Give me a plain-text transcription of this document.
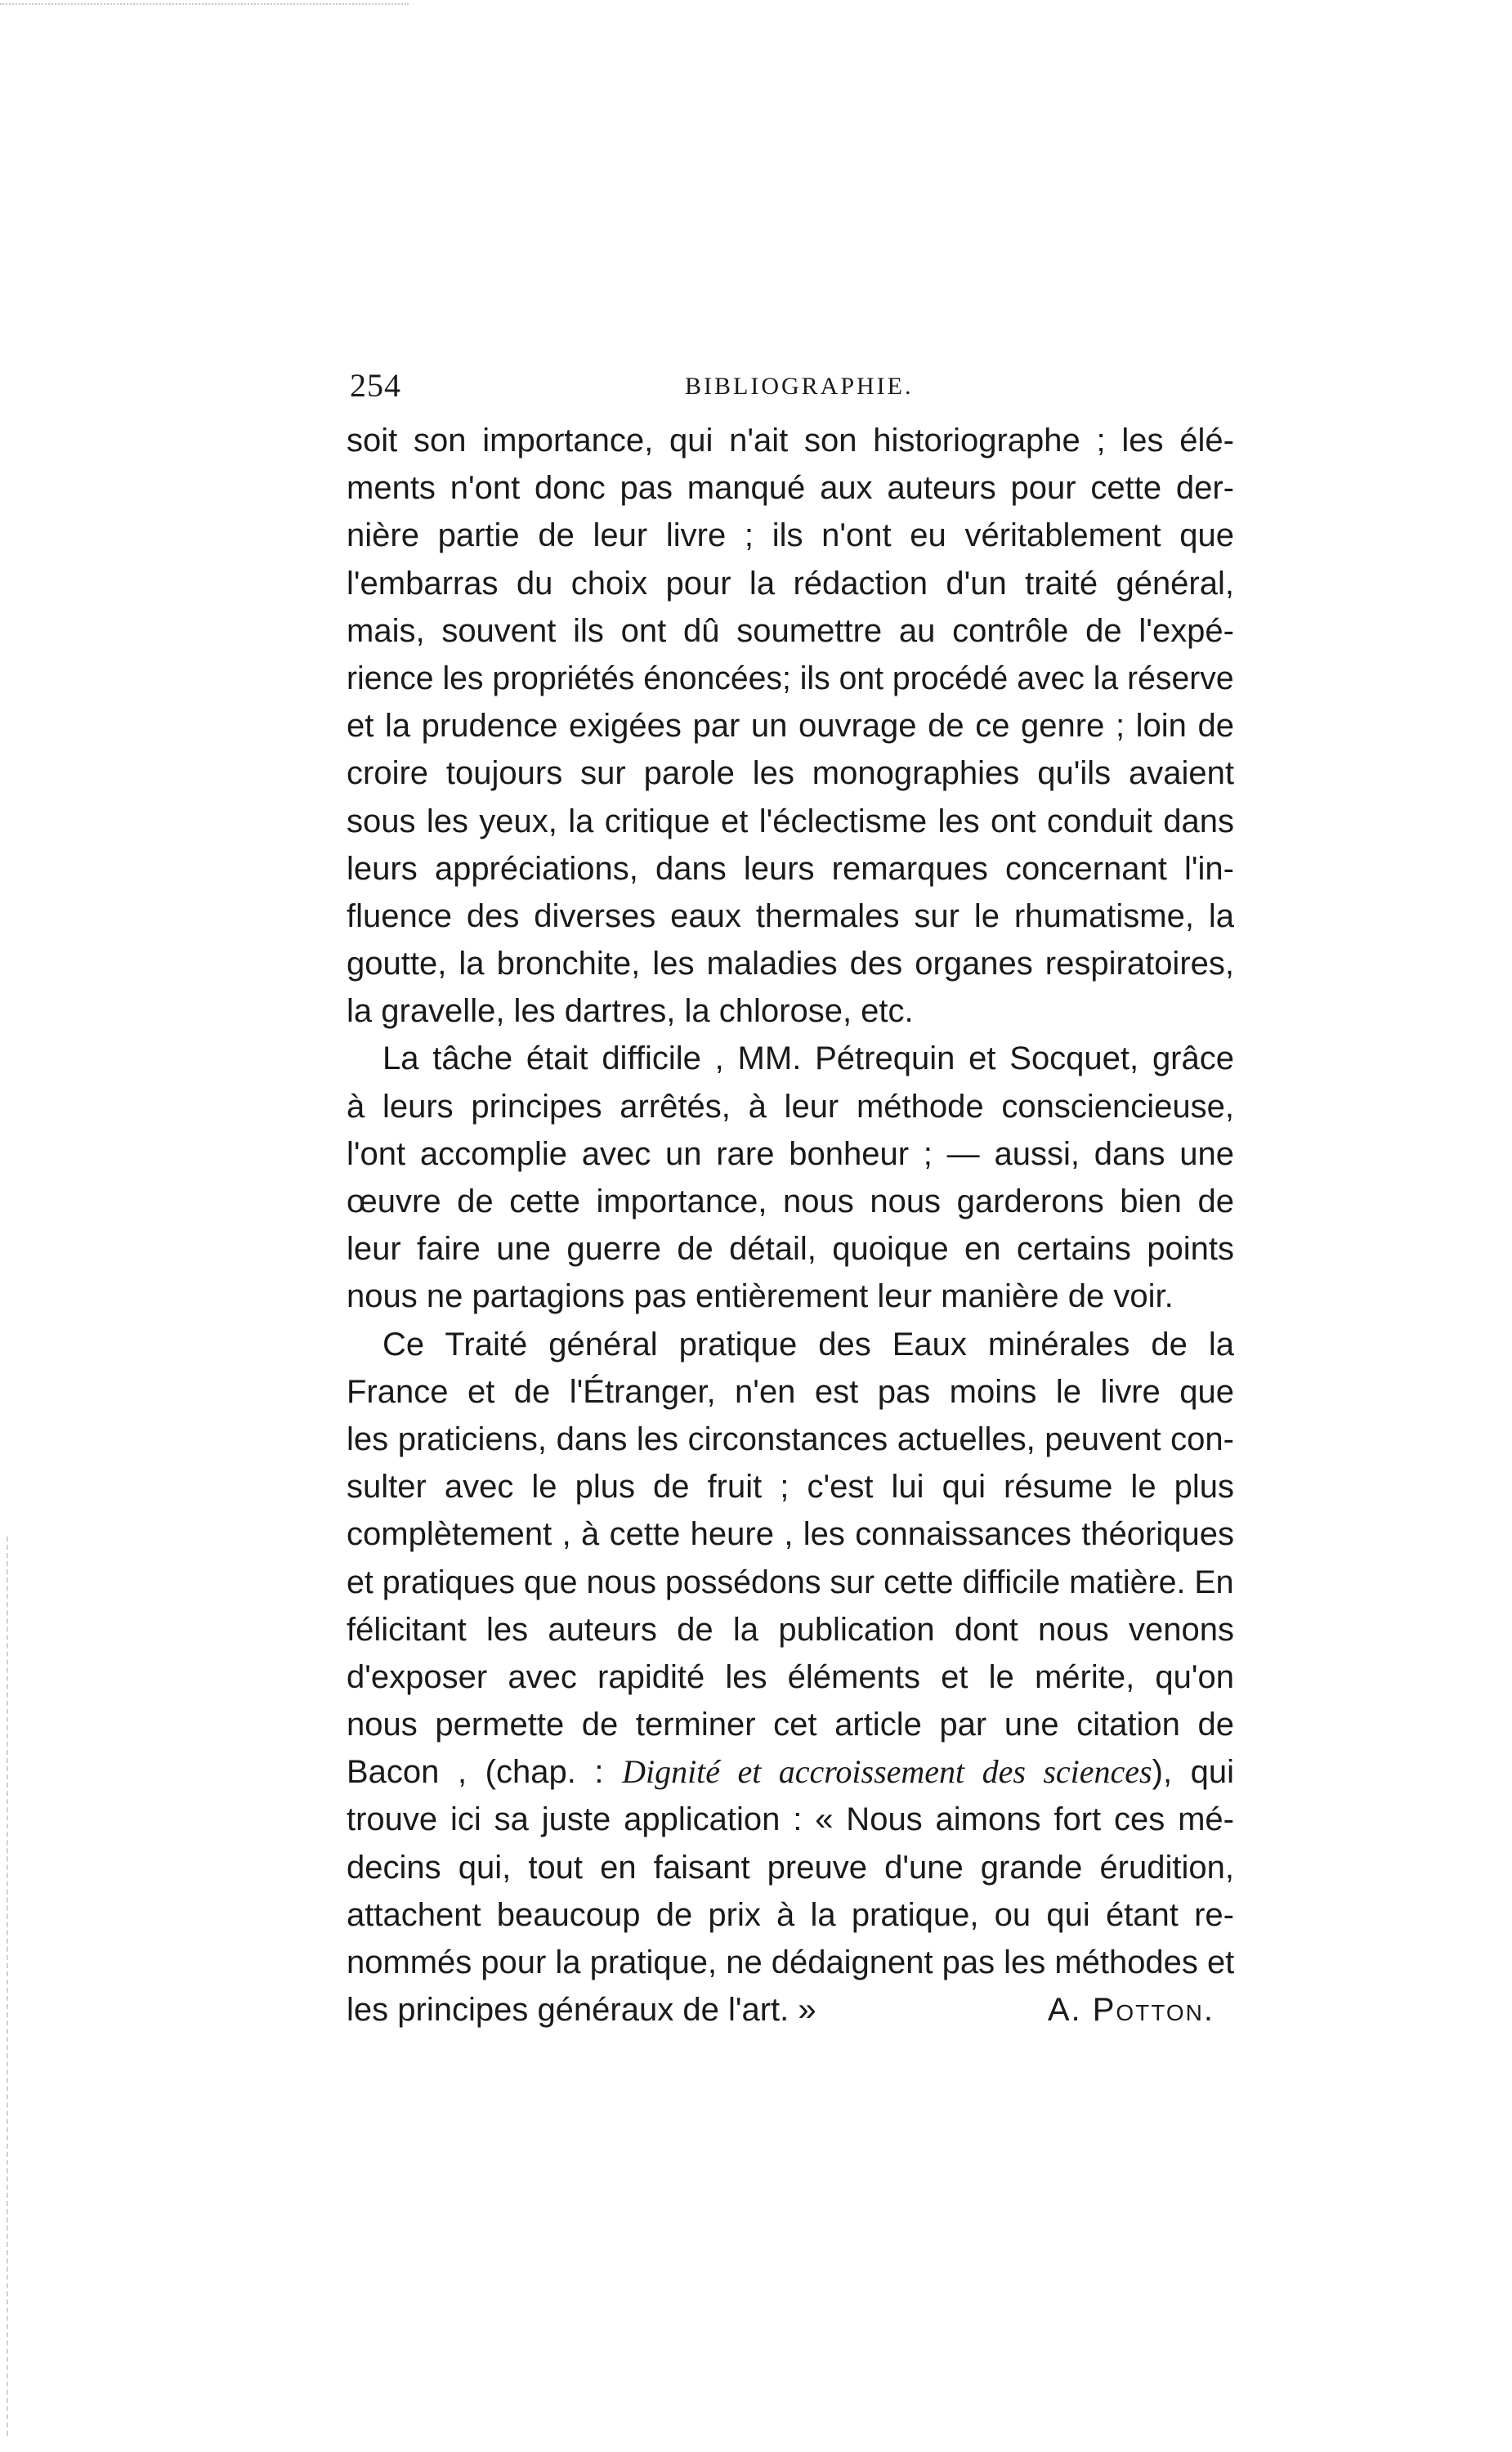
254	BIBLIOGRAPHIE.
soit son importance, qui n'ait son historiographe ; les élé-
ments n'ont donc pas manqué aux auteurs pour cette der-
nière partie de leur livre ; ils n'ont eu véritablement que
l'embarras du choix pour la rédaction d'un traité général,
mais, souvent ils ont dû soumettre au contrôle de l'expé-
rience les propriétés énoncées; ils ont procédé avec la réserve
et la prudence exigées par un ouvrage de ce genre ; loin de
croire toujours sur parole les monographies qu'ils avaient
sous les yeux, la critique et l'éclectisme les ont conduit dans
leurs appréciations, dans leurs remarques concernant l'in-
fluence des diverses eaux thermales sur le rhumatisme, la
goutte, la bronchite, les maladies des organes respiratoires,
la gravelle, les dartres, la chlorose, etc.
La tâche était difficile , MM. Pétrequin et Socquet, grâce
à leurs principes arrêtés, à leur méthode consciencieuse,
l'ont accomplie avec un rare bonheur ; — aussi, dans une
œuvre de cette importance, nous nous garderons bien de
leur faire une guerre de détail, quoique en certains points
nous ne partagions pas entièrement leur manière de voir.
Ce Traité général pratique des Eaux minérales de la
France et de l'Étranger, n'en est pas moins le livre que
les praticiens, dans les circonstances actuelles, peuvent con-
sulter avec le plus de fruit ; c'est lui qui résume le plus
complètement , à cette heure , les connaissances théoriques
et pratiques que nous possédons sur cette difficile matière. En
félicitant les auteurs de la publication dont nous venons
d'exposer avec rapidité les éléments et le mérite, qu'on
nous permette de terminer cet article par une citation de
Bacon , (chap. : Dignité et accroissement des sciences), qui
trouve ici sa juste application : « Nous aimons fort ces mé-
decins qui, tout en faisant preuve d'une grande érudition,
attachent beaucoup de prix à la pratique, ou qui étant re-
nommés pour la pratique, ne dédaignent pas les méthodes et
les principes généraux de l'art. »	A. Potton.
